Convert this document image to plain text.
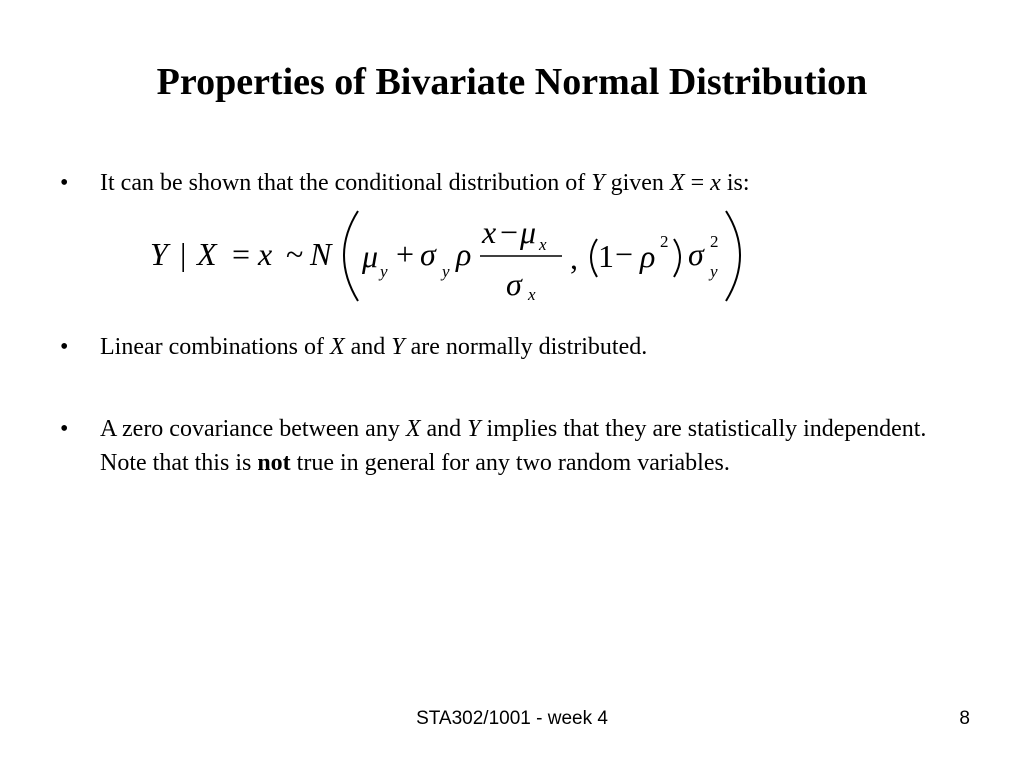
Properties of Bivariate Normal Distribution
•	It can be shown that the conditional distribution of Y given X = x is:
Y | X = x ~ N μ y + σ y ρ
x − μ x
σ x
, 1 − ρ 2 σ 2
y
•	Linear combinations of X and Y are normally distributed.
•	A zero covariance between any X and Y implies that they are statistically independent. Note that this is not true in general for any two random variables.
STA302/1001 - week 4	8
